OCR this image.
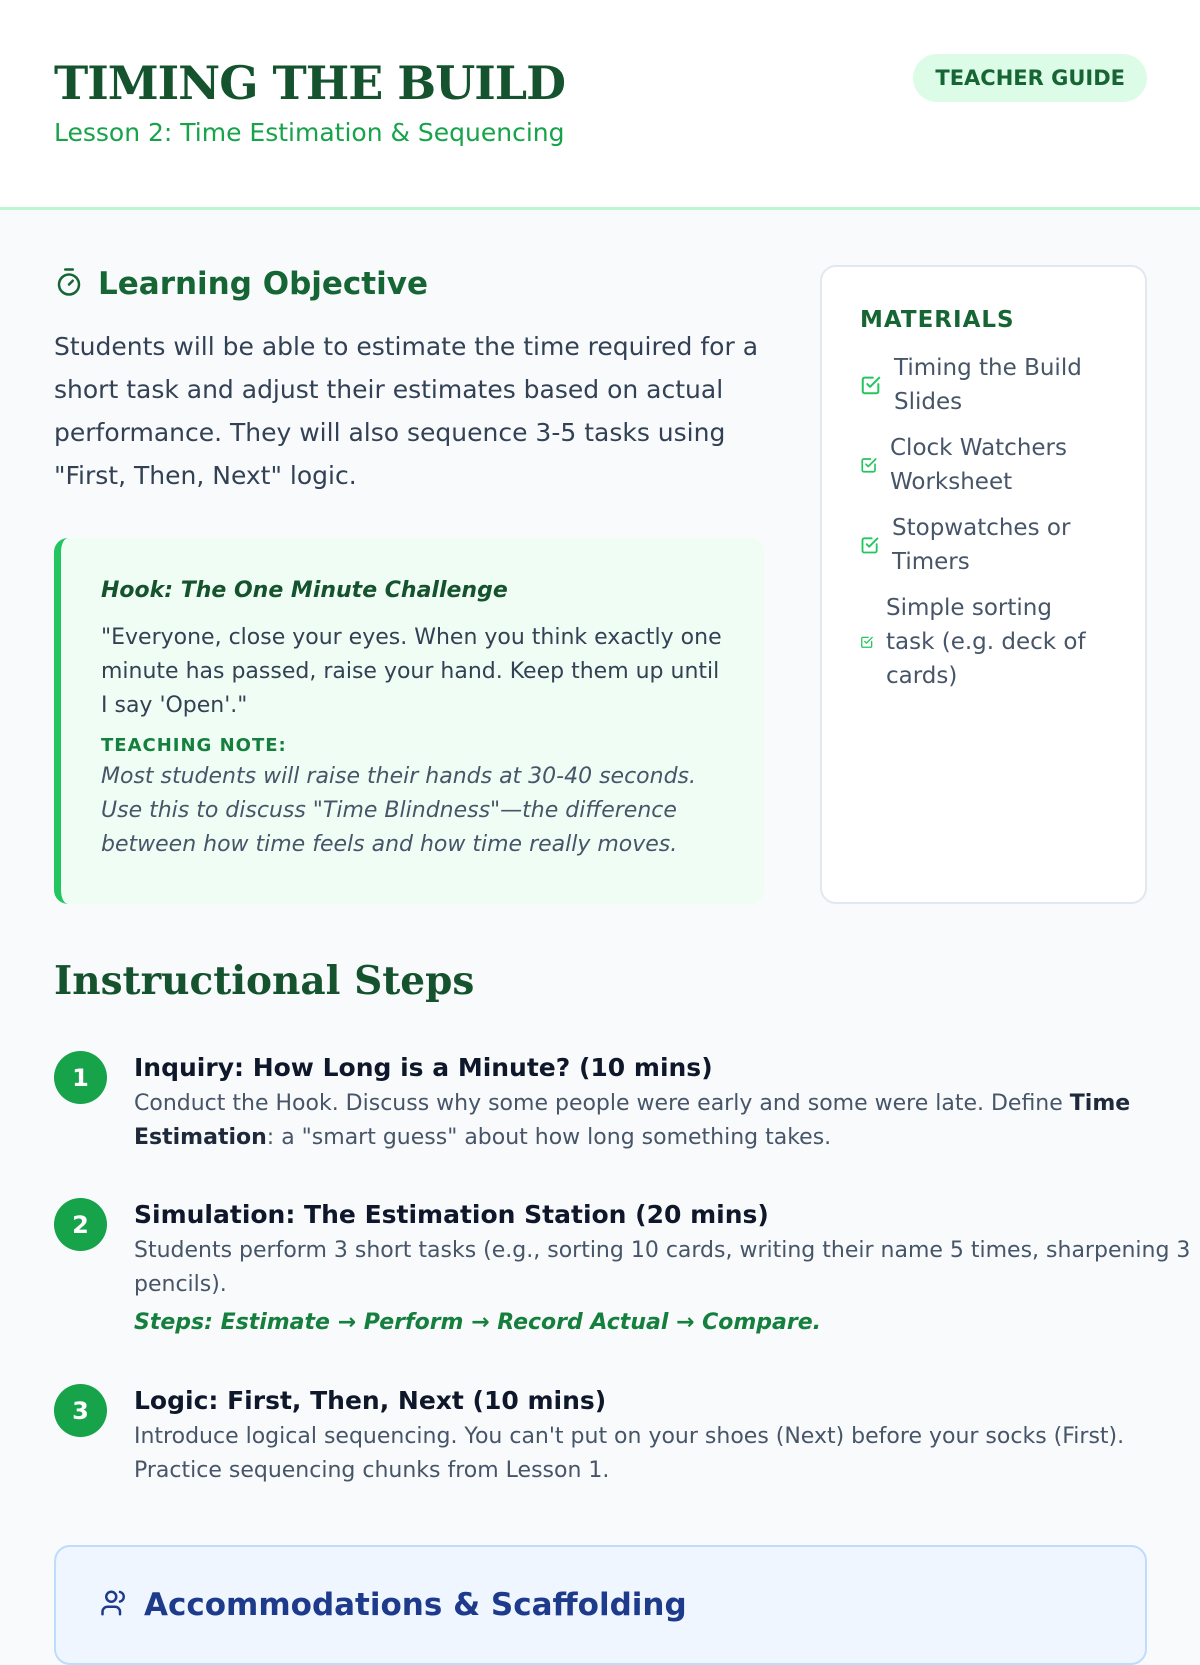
TIMING THE BUILD
Lesson 2: Time Estimation & Sequencing
TEACHER GUIDE
Learning Objective
Students will be able to estimate the time required for a short task and adjust their estimates based on actual performance. They will also sequence 3-5 tasks using "First, Then, Next" logic.
Hook: The One Minute Challenge
"Everyone, close your eyes. When you think exactly one minute has passed, raise your hand. Keep them up until I say 'Open'."
TEACHING NOTE:
Most students will raise their hands at 30-40 seconds. Use this to discuss "Time Blindness"—the difference between how time feels and how time really moves.
MATERIALS
Timing the Build Slides
Clock Watchers Worksheet
Stopwatches or Timers
Simple sorting task (e.g. deck of cards)
Instructional Steps
1	Inquiry: How Long is a Minute? (10 mins)
Conduct the Hook. Discuss why some people were early and some were late. Define Time Estimation: a "smart guess" about how long something takes.
2	Simulation: The Estimation Station (20 mins)
Students perform 3 short tasks (e.g., sorting 10 cards, writing their name 5 times, sharpening 3 pencils).
Steps: Estimate → Perform → Record Actual → Compare.
3	Logic: First, Then, Next (10 mins)
Introduce logical sequencing. You can't put on your shoes (Next) before your socks (First). Practice sequencing chunks from Lesson 1.
Accommodations & Scaffolding
